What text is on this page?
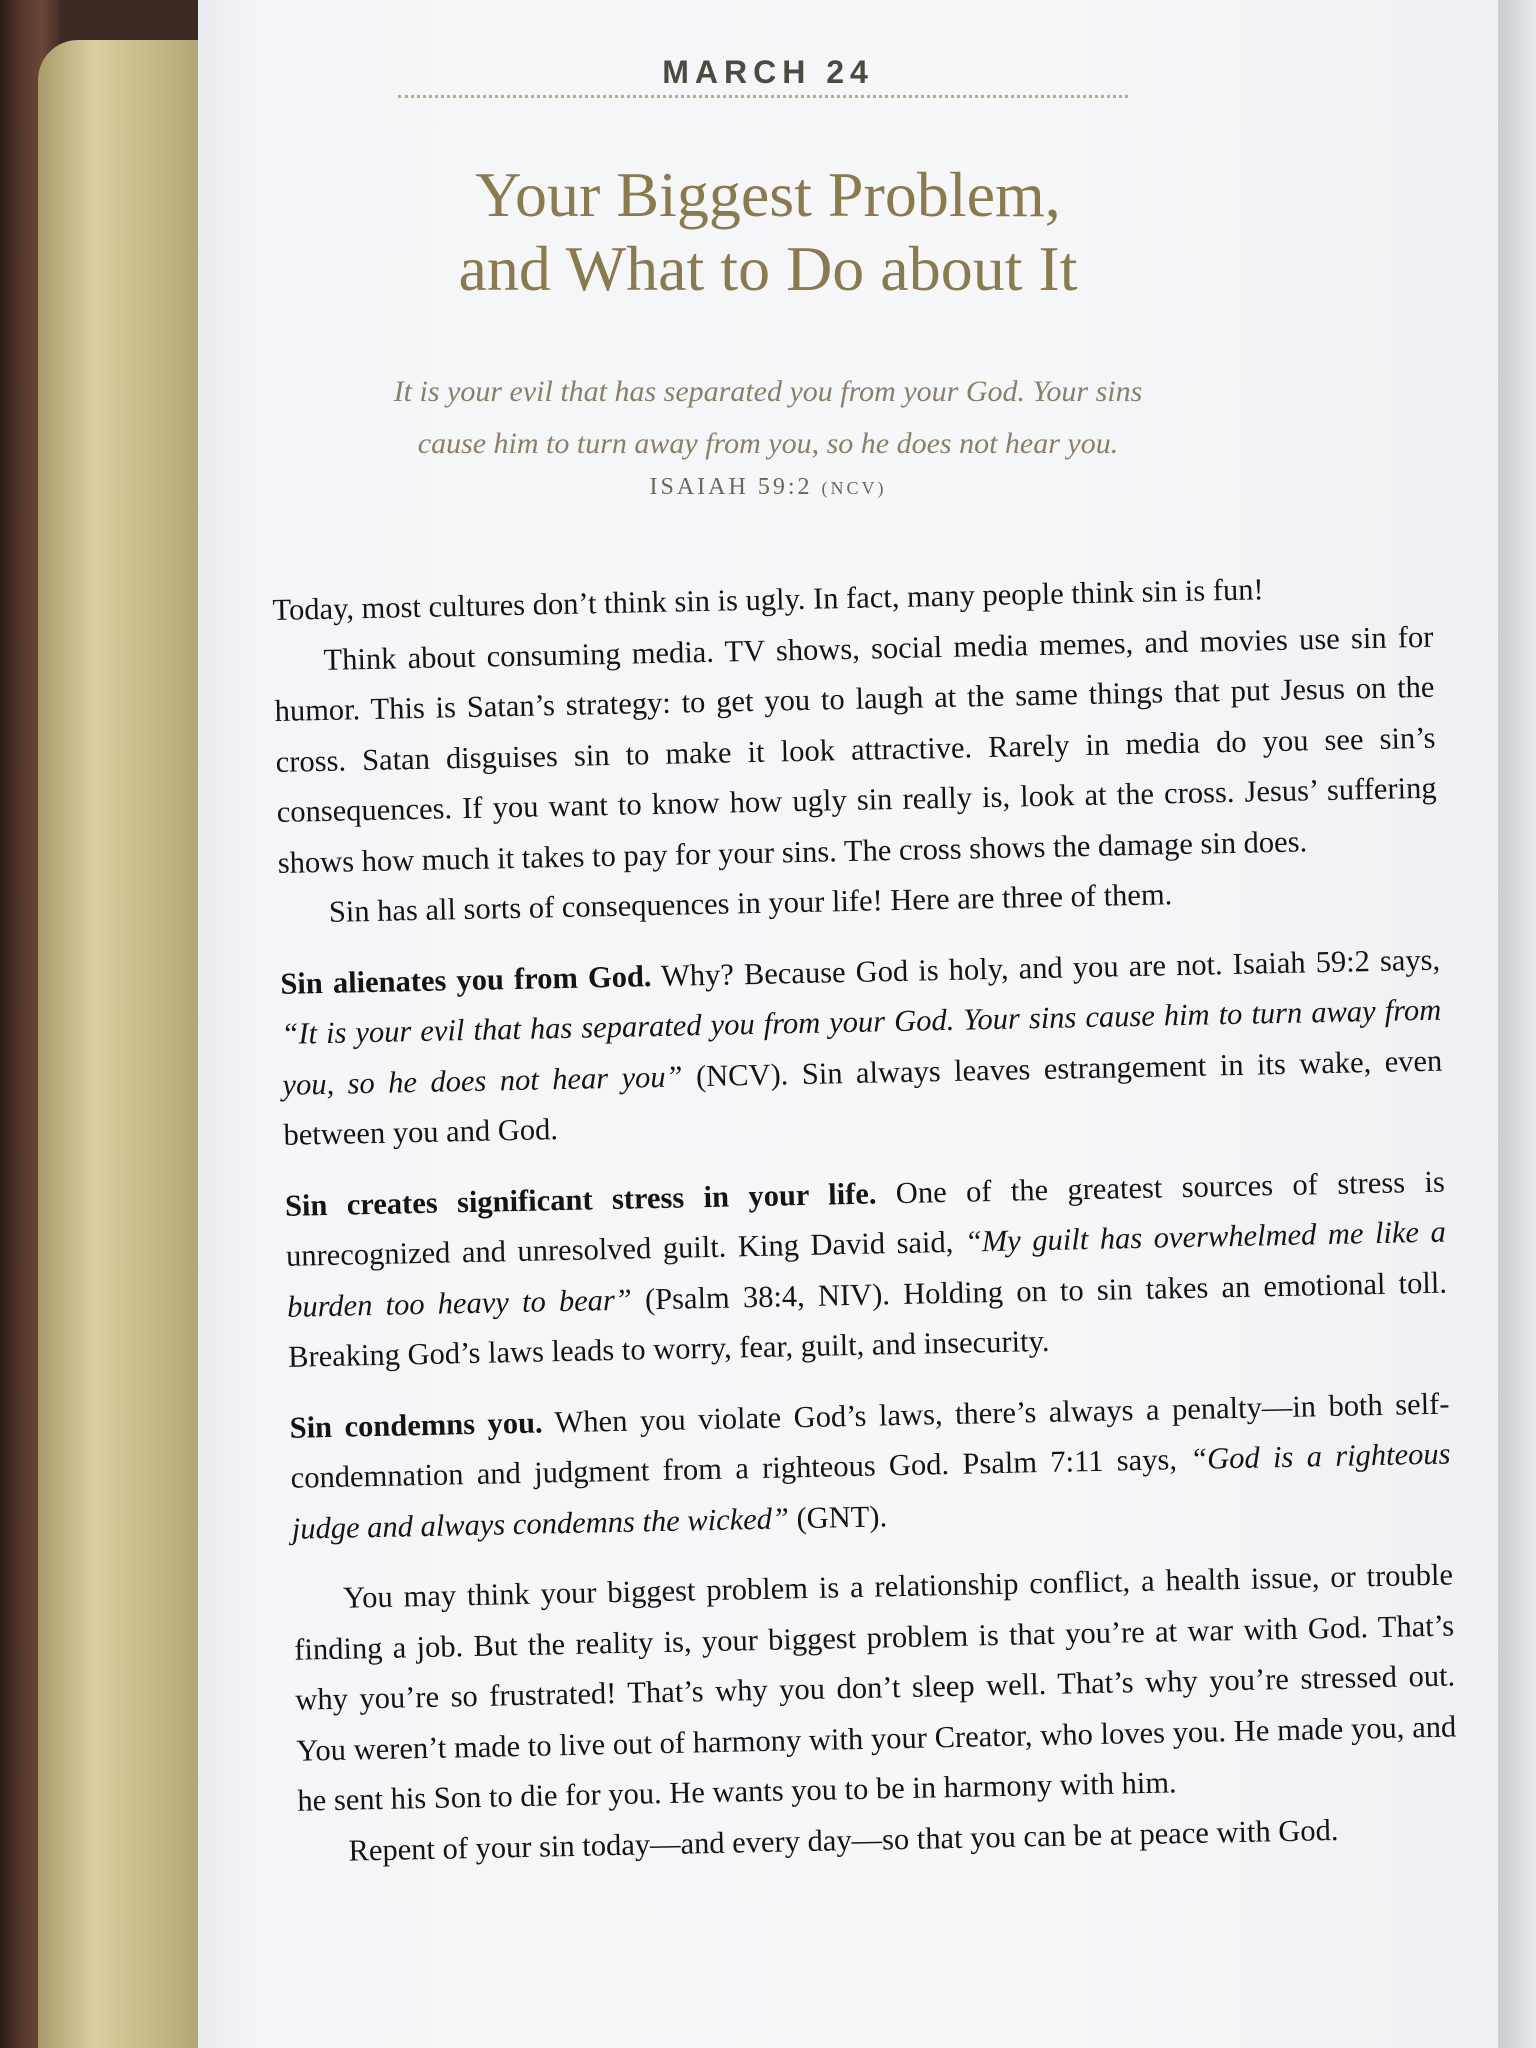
MARCH 24
Your Biggest Problem,
and What to Do about It
It is your evil that has separated you from your God. Your sins
cause him to turn away from you, so he does not hear you.
ISAIAH 59:2 (NCV)

Today, most cultures don’t think sin is ugly. In fact, many people think sin is fun!

Think about consuming media. TV shows, social media memes, and movies use sin for humor. This is Satan’s strategy: to get you to laugh at the same things that put Jesus on the cross. Satan disguises sin to make it look attractive. Rarely in media do you see sin’s consequences. If you want to know how ugly sin really is, look at the cross. Jesus’ suffering shows how much it takes to pay for your sins. The cross shows the damage sin does.

Sin has all sorts of consequences in your life! Here are three of them.

Sin alienates you from God. Why? Because God is holy, and you are not. Isaiah 59:2 says, “It is your evil that has separated you from your God. Your sins cause him to turn away from you, so he does not hear you” (NCV). Sin always leaves estrangement in its wake, even between you and God.

Sin creates significant stress in your life. One of the greatest sources of stress is unrecognized and unresolved guilt. King David said, “My guilt has overwhelmed me like a burden too heavy to bear” (Psalm 38:4, NIV). Holding on to sin takes an emotional toll. Breaking God’s laws leads to worry, fear, guilt, and insecurity.

Sin condemns you. When you violate God’s laws, there’s always a penalty—in both self-condemnation and judgment from a righteous God. Psalm 7:11 says, “God is a righteous judge and always condemns the wicked” (GNT).

You may think your biggest problem is a relationship conflict, a health issue, or trouble finding a job. But the reality is, your biggest problem is that you’re at war with God. That’s why you’re so frustrated! That’s why you don’t sleep well. That’s why you’re stressed out. You weren’t made to live out of harmony with your Creator, who loves you. He made you, and he sent his Son to die for you. He wants you to be in harmony with him.

Repent of your sin today—and every day—so that you can be at peace with God.
